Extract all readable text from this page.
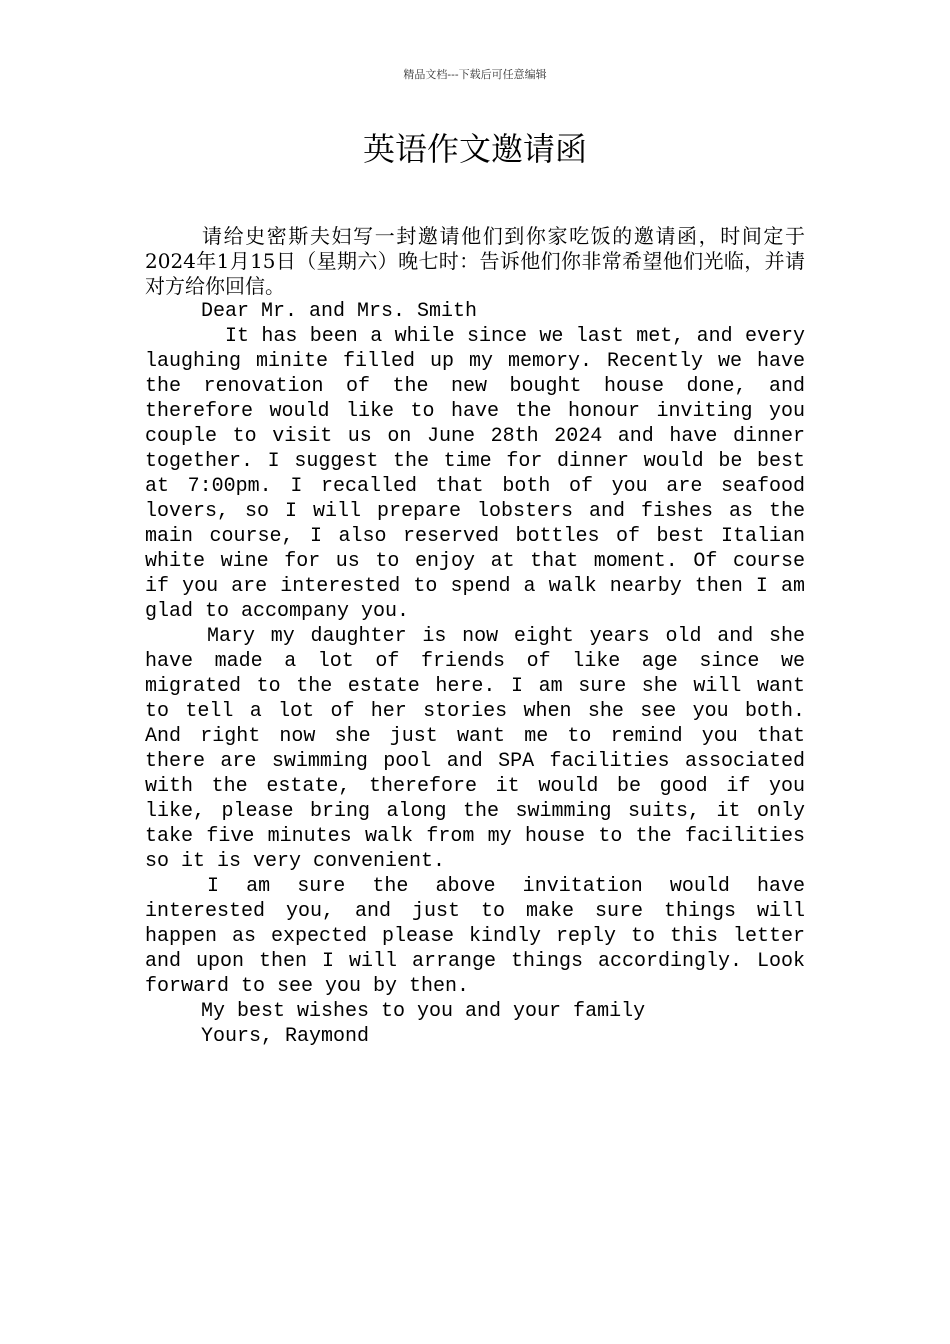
精品文档---下载后可任意编辑
英语作文邀请函

请给史密斯夫妇写一封邀请他们到你家吃饭的邀请函，时间定于2024年1月15日（星期六）晚七时：告诉他们你非常希望他们光临，并请对方给你回信。

Dear Mr. and Mrs. Smith

It has been a while since we last met, and every laughing minite filled up my memory. Recently we have the renovation of the new bought house done, and therefore would like to have the honour inviting you couple to visit us on June 28th 2024 and have dinner together. I suggest the time for dinner would be best at 7:00pm. I recalled that both of you are seafood lovers, so I will prepare lobsters and fishes as the main course, I also reserved bottles of best Italian white wine for us to enjoy at that moment. Of course if you are interested to spend a walk nearby then I am glad to accompany you.

Mary my daughter is now eight years old and she have made a lot of friends of like age since we migrated to the estate here. I am sure she will want to tell a lot of her stories when she see you both. And right now she just want me to remind you that there are swimming pool and SPA facilities associated with the estate, therefore it would be good if you like, please bring along the swimming suits, it only take five minutes walk from my house to the facilities so it is very convenient.

I am sure the above invitation would have interested you, and just to make sure things will happen as expected please kindly reply to this letter and upon then I will arrange things accordingly. Look forward to see you by then.

My best wishes to you and your family

Yours, Raymond
